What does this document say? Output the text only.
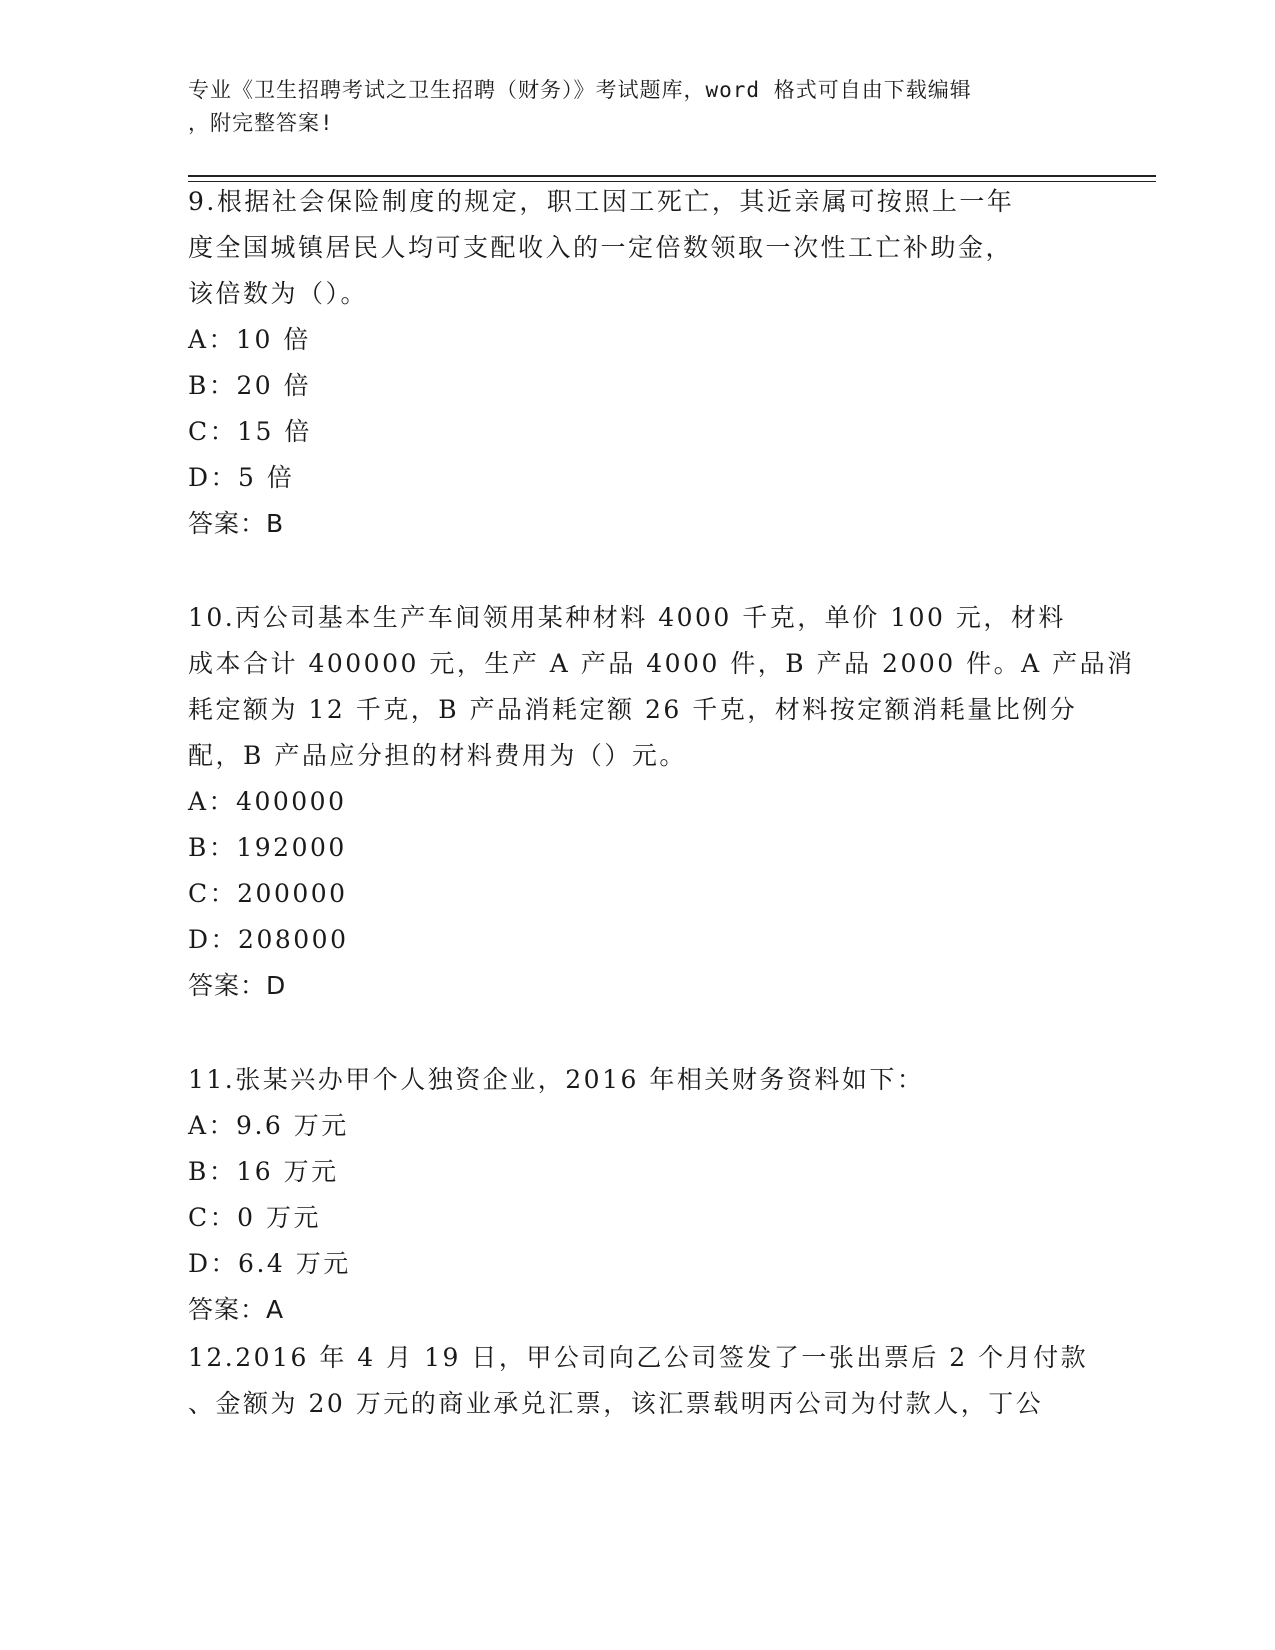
专业《卫生招聘考试之卫生招聘（财务）》考试题库，word 格式可自由下载编辑
，附完整答案!
9.根据社会保险制度的规定，职工因工死亡，其近亲属可按照上一年
度全国城镇居民人均可支配收入的一定倍数领取一次性工亡补助金，
该倍数为（）。
A：10 倍
B：20 倍
C：15 倍
D：5 倍
答案：B
10.丙公司基本生产车间领用某种材料 4000 千克，单价 100 元，材料
成本合计 400000 元，生产 A 产品 4000 件，B 产品 2000 件。A 产品消
耗定额为 12 千克，B 产品消耗定额 26 千克，材料按定额消耗量比例分
配，B 产品应分担的材料费用为（）元。
A：400000
B：192000
C：200000
D：208000
答案：D
11.张某兴办甲个人独资企业，2016 年相关财务资料如下：
A：9.6 万元
B：16 万元
C：0 万元
D：6.4 万元
答案：A
12.2016 年 4 月 19 日，甲公司向乙公司签发了一张出票后 2 个月付款
、金额为 20 万元的商业承兑汇票，该汇票载明丙公司为付款人，丁公
